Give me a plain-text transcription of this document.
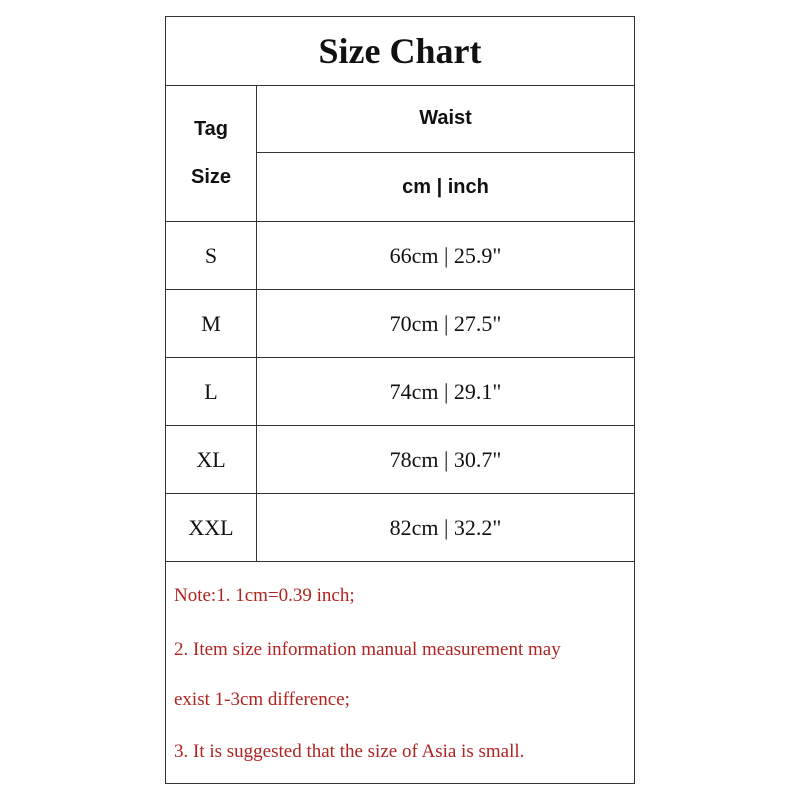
Size Chart
Tag
Size
Waist
cm | inch
S	66cm | 25.9"
M	70cm | 27.5"
L	74cm | 29.1"
XL	78cm | 30.7"
XXL	82cm | 32.2"
Note:1. 1cm=0.39 inch;
2. Item size information manual measurement may
exist 1-3cm difference;
3. It is suggested that the size of Asia is small.
